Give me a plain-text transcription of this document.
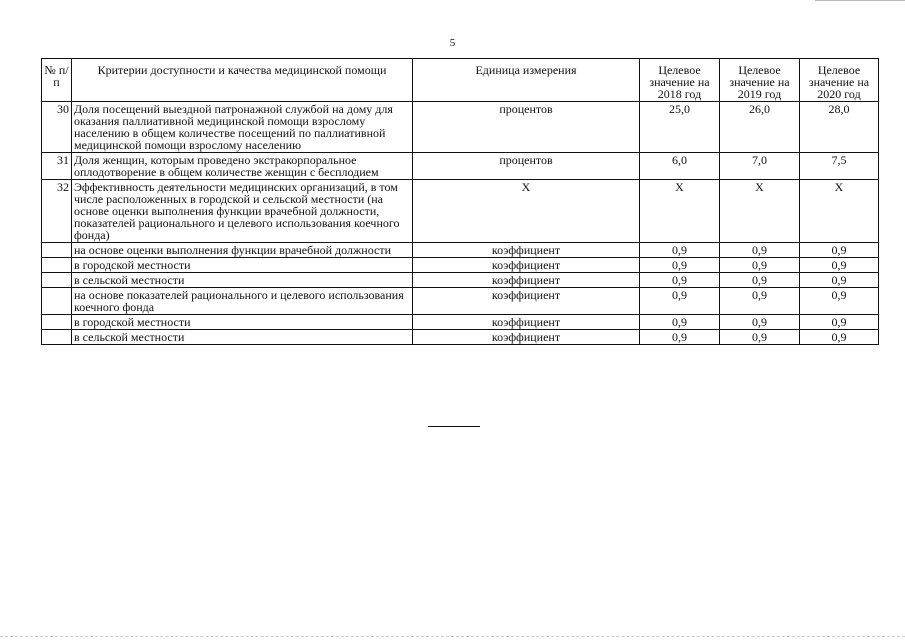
5
№ п/п	Критерии доступности и качества медицинской помощи	Единица измерения	Целевое значение на 2018 год	Целевое значение на 2019 год	Целевое значение на 2020 год
30	Доля посещений выездной патронажной службой на дому для оказания паллиативной медицинской помощи взрослому населению в общем количестве посещений по паллиативной медицинской помощи взрослому населению	процентов	25,0	26,0	28,0
31	Доля женщин, которым проведено экстракорпоральное оплодотворение в общем количестве женщин с бесплодием	процентов	6,0	7,0	7,5
32	Эффективность деятельности медицинских организаций, в том числе расположенных в городской и сельской местности (на основе оценки выполнения функции врачебной должности, показателей рационального и целевого использования коечного фонда)	Х	Х	Х	Х
	на основе оценки выполнения функции врачебной должности	коэффициент	0,9	0,9	0,9
	в городской местности	коэффициент	0,9	0,9	0,9
	в сельской местности	коэффициент	0,9	0,9	0,9
	на основе показателей рационального и целевого использования коечного фонда	коэффициент	0,9	0,9	0,9
	в городской местности	коэффициент	0,9	0,9	0,9
	в сельской местности	коэффициент	0,9	0,9	0,9
